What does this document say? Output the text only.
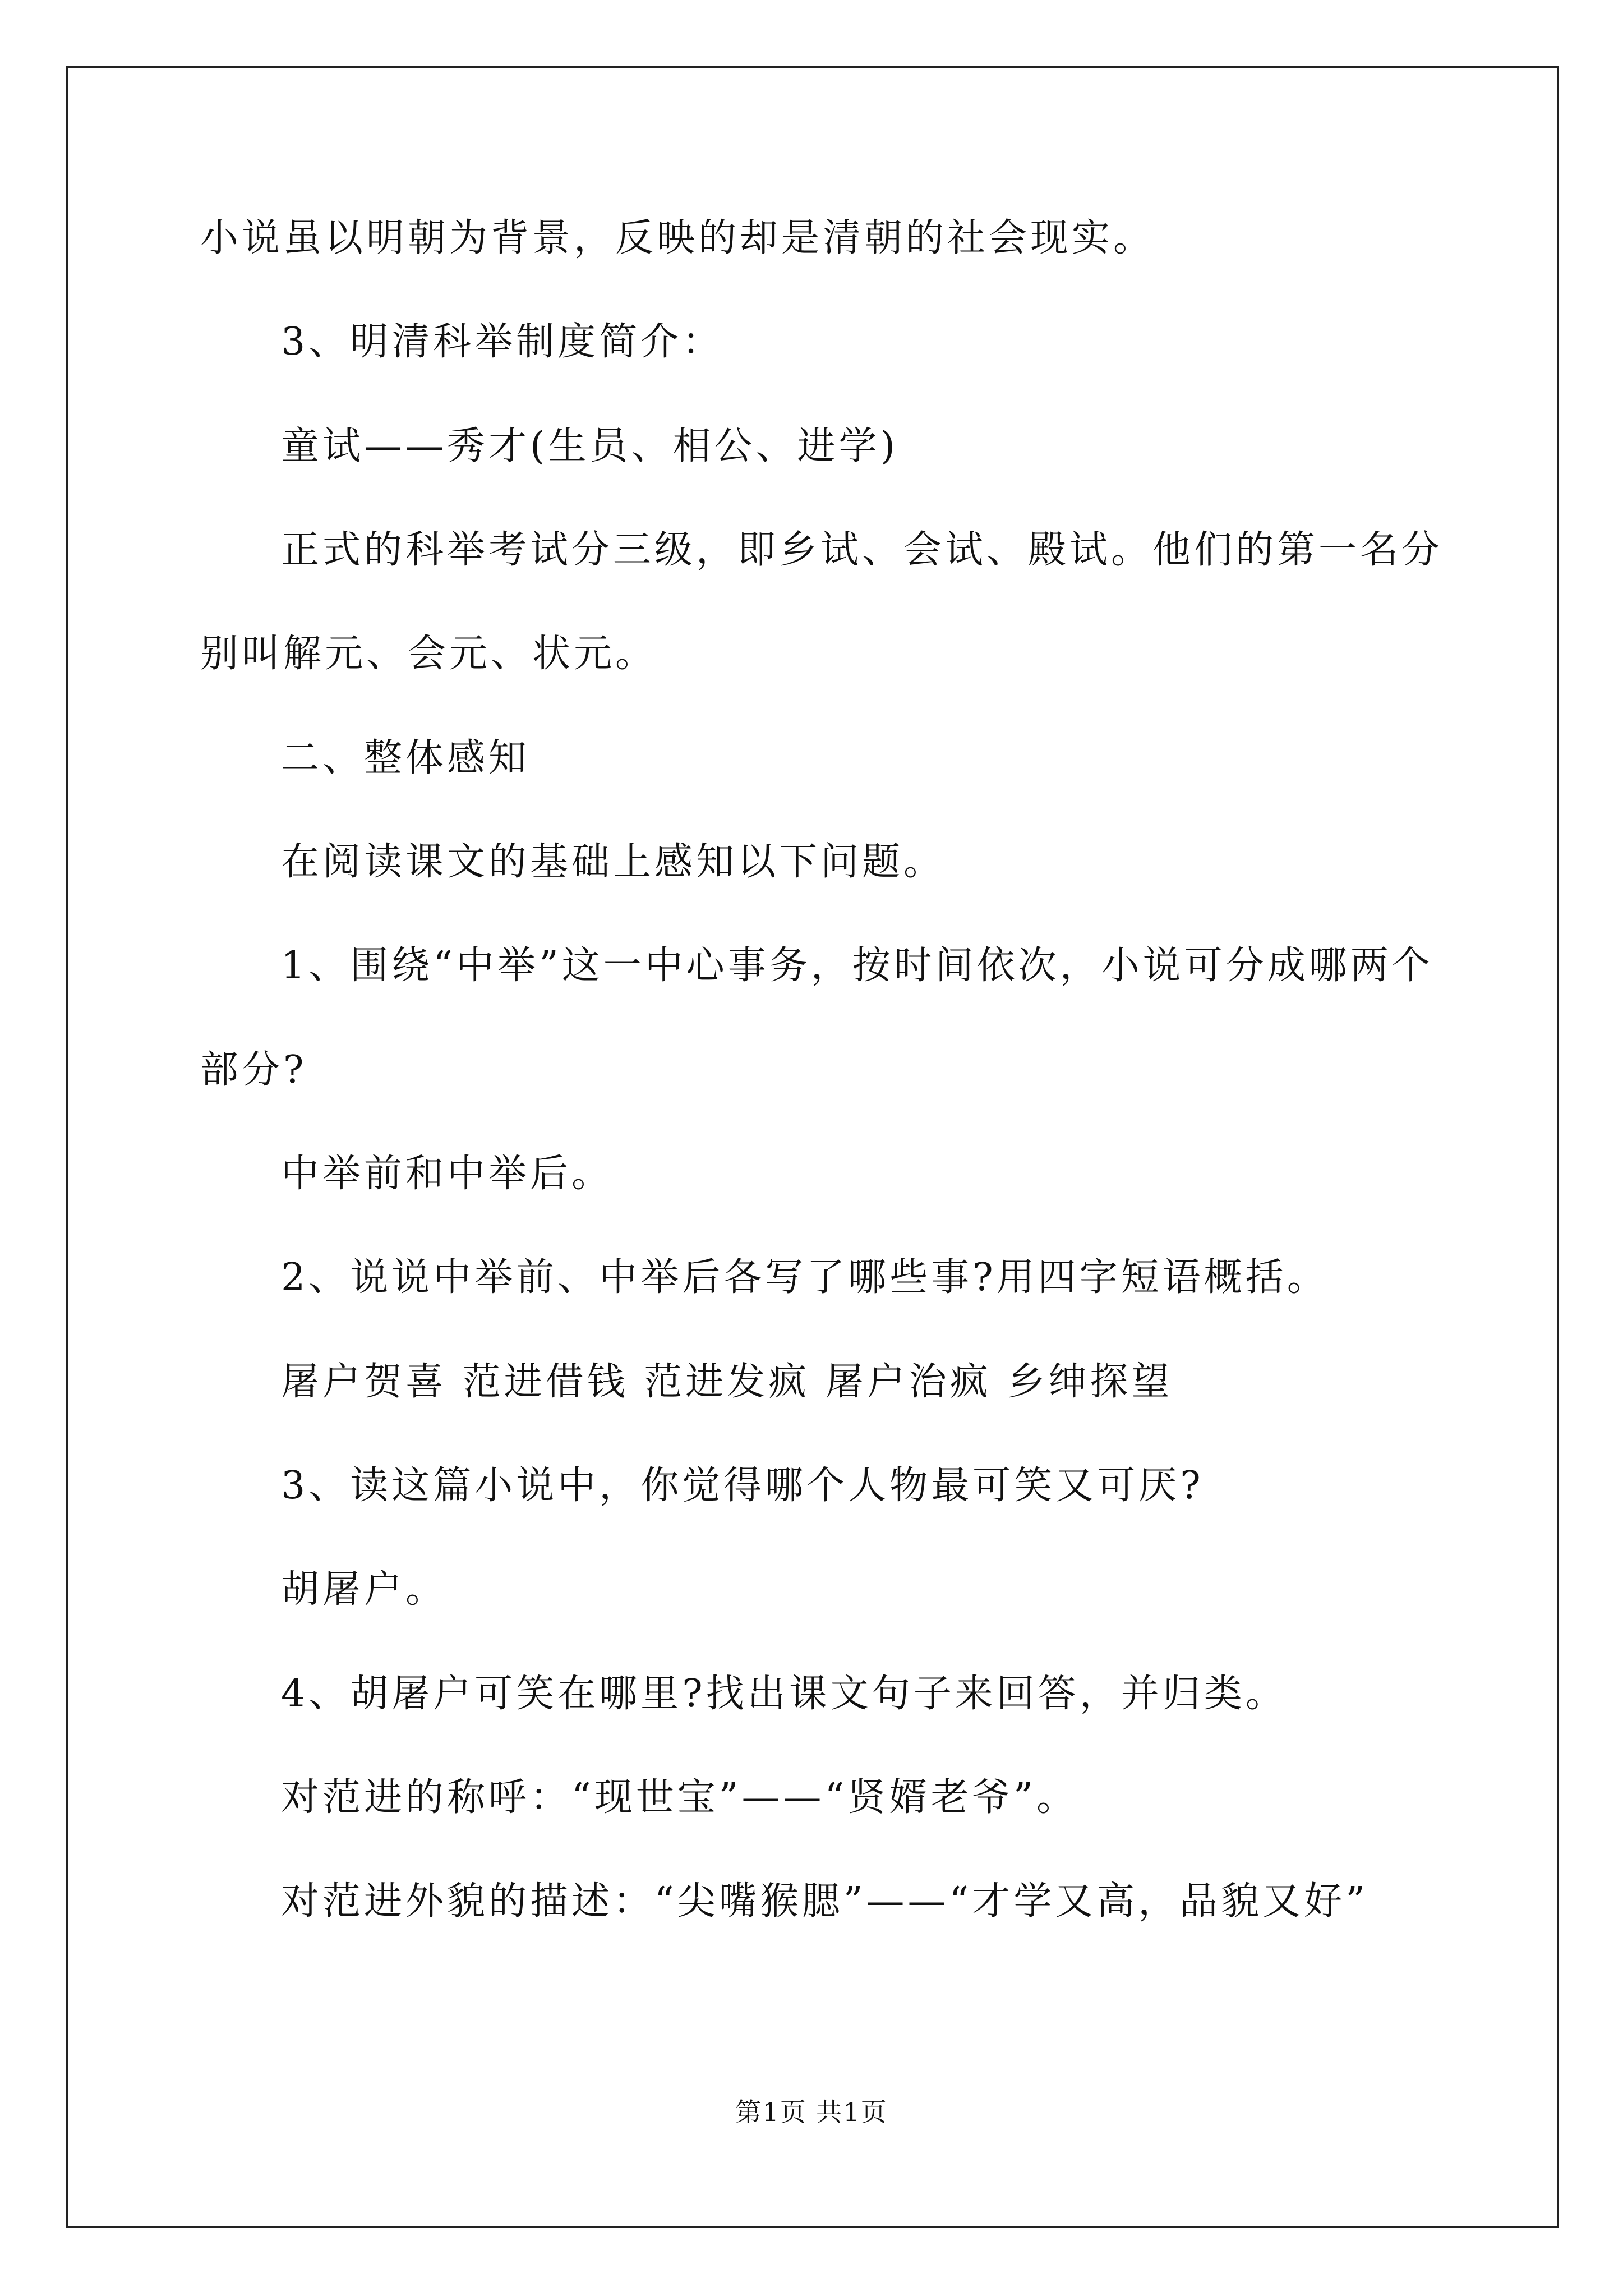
小说虽以明朝为背景，反映的却是清朝的社会现实。
3、明清科举制度简介：
童试——秀才(生员、相公、进学)
正式的科举考试分三级，即乡试、会试、殿试。他们的第一名分
别叫解元、会元、状元。
二、整体感知
在阅读课文的基础上感知以下问题。
1、围绕“中举”这一中心事务，按时间依次，小说可分成哪两个
部分?
中举前和中举后。
2、说说中举前、中举后各写了哪些事?用四字短语概括。
屠户贺喜 范进借钱 范进发疯 屠户治疯 乡绅探望
3、读这篇小说中，你觉得哪个人物最可笑又可厌?
胡屠户。
4、胡屠户可笑在哪里?找出课文句子来回答，并归类。
对范进的称呼：“现世宝”——“贤婿老爷”。
对范进外貌的描述：“尖嘴猴腮”——“才学又高，品貌又好”
第1页 共1页
